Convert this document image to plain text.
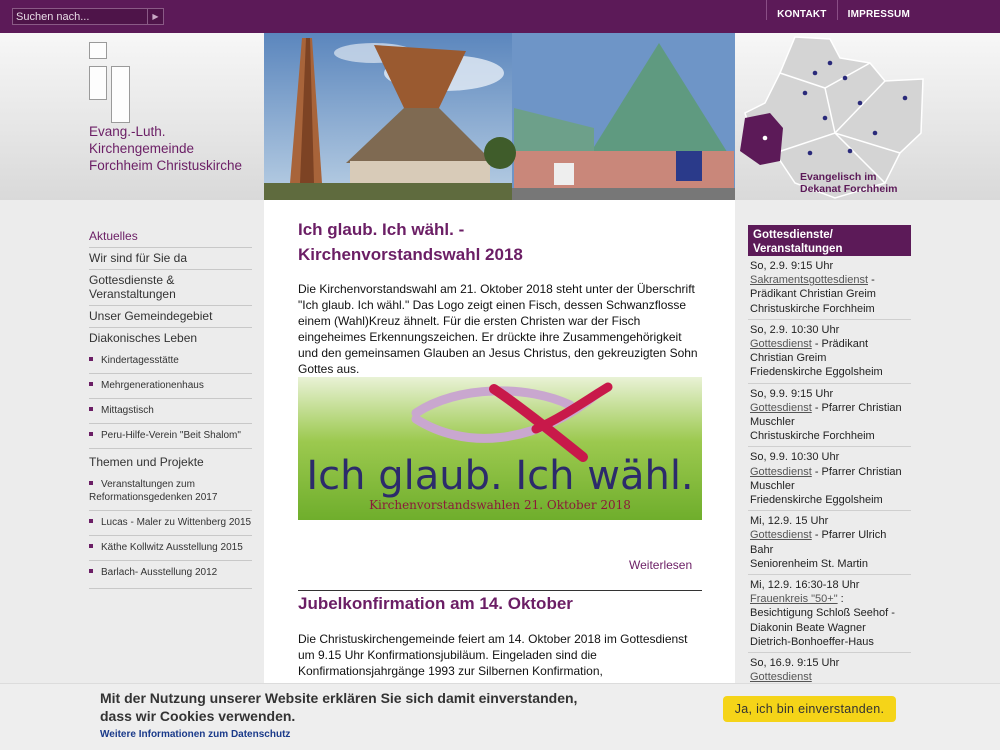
Suchen nach...
▶	KONTAKT	IMPRESSUM
Evang.-Luth.
Kirchengemeinde
Forchheim Christuskirche
Evangelisch im
Dekanat Forchheim
Aktuelles
Wir sind für Sie da
Gottesdienste & Veranstaltungen
Unser Gemeindegebiet
Diakonisches Leben
Kindertagesstätte
Mehrgenerationenhaus
Mittagstisch
Peru-Hilfe-Verein "Beit Shalom"
Themen und Projekte
Veranstaltungen zum Reformationsgedenken 2017
Lucas - Maler zu Wittenberg 2015
Käthe Kollwitz Ausstellung 2015
Barlach- Ausstellung 2012
Ich glaub. Ich wähl. -
Kirchenvorstandswahl 2018
Die Kirchenvorstandswahl am 21. Oktober 2018 steht unter der Überschrift "Ich glaub. Ich wähl." Das Logo zeigt einen Fisch, dessen Schwanzflosse einem (Wahl)Kreuz ähnelt. Für die ersten Christen war der Fisch eingeheimes Erkennungszeichen. Er drückte ihre Zusammengehörigkeit und den gemeinsamen Glauben an Jesus Christus, den gekreuzigten Sohn Gottes aus.
Ich glaub. Ich wähl.
Kirchenvorstandswahlen 21. Oktober 2018
Weiterlesen
Jubelkonfirmation am 14. Oktober
Die Christuskirchengemeinde feiert am 14. Oktober 2018 im Gottesdienst um 9.15 Uhr Konfirmationsjubiläum. Eingeladen sind die Konfirmationsjahrgänge 1993 zur Silbernen Konfirmation,
Gottesdienste/
Veranstaltungen
So, 2.9. 9:15 Uhr
Sakramentsgottesdienst -
Prädikant Christian Greim
Christuskirche Forchheim
So, 2.9. 10:30 Uhr
Gottesdienst - Prädikant
Christian Greim
Friedenskirche Eggolsheim
So, 9.9. 9:15 Uhr
Gottesdienst - Pfarrer Christian
Muschler
Christuskirche Forchheim
So, 9.9. 10:30 Uhr
Gottesdienst - Pfarrer Christian
Muschler
Friedenskirche Eggolsheim
Mi, 12.9. 15 Uhr
Gottesdienst - Pfarrer Ulrich
Bahr
Seniorenheim St. Martin
Mi, 12.9. 16:30-18 Uhr
Frauenkreis "50+" :
Besichtigung Schloß Seehof -
Diakonin Beate Wagner
Dietrich-Bonhoeffer-Haus
So, 16.9. 9:15 Uhr
Gottesdienst
Mit der Nutzung unserer Website erklären Sie sich damit einverstanden,
dass wir Cookies verwenden.
Weitere Informationen zum Datenschutz
Ja, ich bin einverstanden.
